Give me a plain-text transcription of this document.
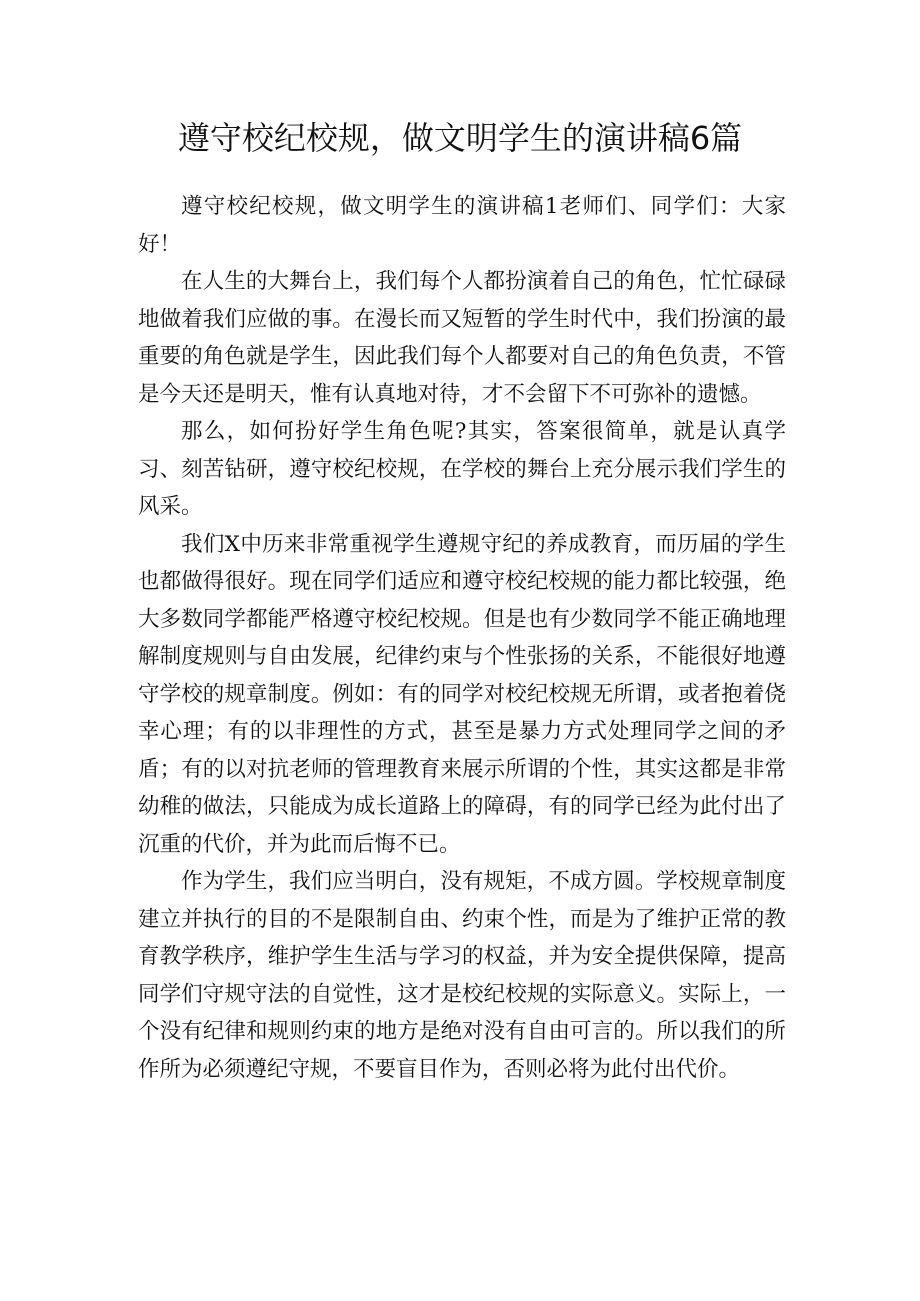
遵守校纪校规，做文明学生的演讲稿6篇

遵守校纪校规，做文明学生的演讲稿1老师们、同学们：大家好！

在人生的大舞台上，我们每个人都扮演着自己的角色，忙忙碌碌地做着我们应做的事。在漫长而又短暂的学生时代中，我们扮演的最重要的角色就是学生，因此我们每个人都要对自己的角色负责，不管是今天还是明天，惟有认真地对待，才不会留下不可弥补的遗憾。

那么，如何扮好学生角色呢?其实，答案很简单，就是认真学习、刻苦钻研，遵守校纪校规，在学校的舞台上充分展示我们学生的风采。

我们X中历来非常重视学生遵规守纪的养成教育，而历届的学生也都做得很好。现在同学们适应和遵守校纪校规的能力都比较强，绝大多数同学都能严格遵守校纪校规。但是也有少数同学不能正确地理解制度规则与自由发展，纪律约束与个性张扬的关系，不能很好地遵守学校的规章制度。例如：有的同学对校纪校规无所谓，或者抱着侥幸心理；有的以非理性的方式，甚至是暴力方式处理同学之间的矛盾；有的以对抗老师的管理教育来展示所谓的个性，其实这都是非常幼稚的做法，只能成为成长道路上的障碍，有的同学已经为此付出了沉重的代价，并为此而后悔不已。

作为学生，我们应当明白，没有规矩，不成方圆。学校规章制度建立并执行的目的不是限制自由、约束个性，而是为了维护正常的教育教学秩序，维护学生生活与学习的权益，并为安全提供保障，提高同学们守规守法的自觉性，这才是校纪校规的实际意义。实际上，一个没有纪律和规则约束的地方是绝对没有自由可言的。所以我们的所作所为必须遵纪守规，不要盲目作为，否则必将为此付出代价。
